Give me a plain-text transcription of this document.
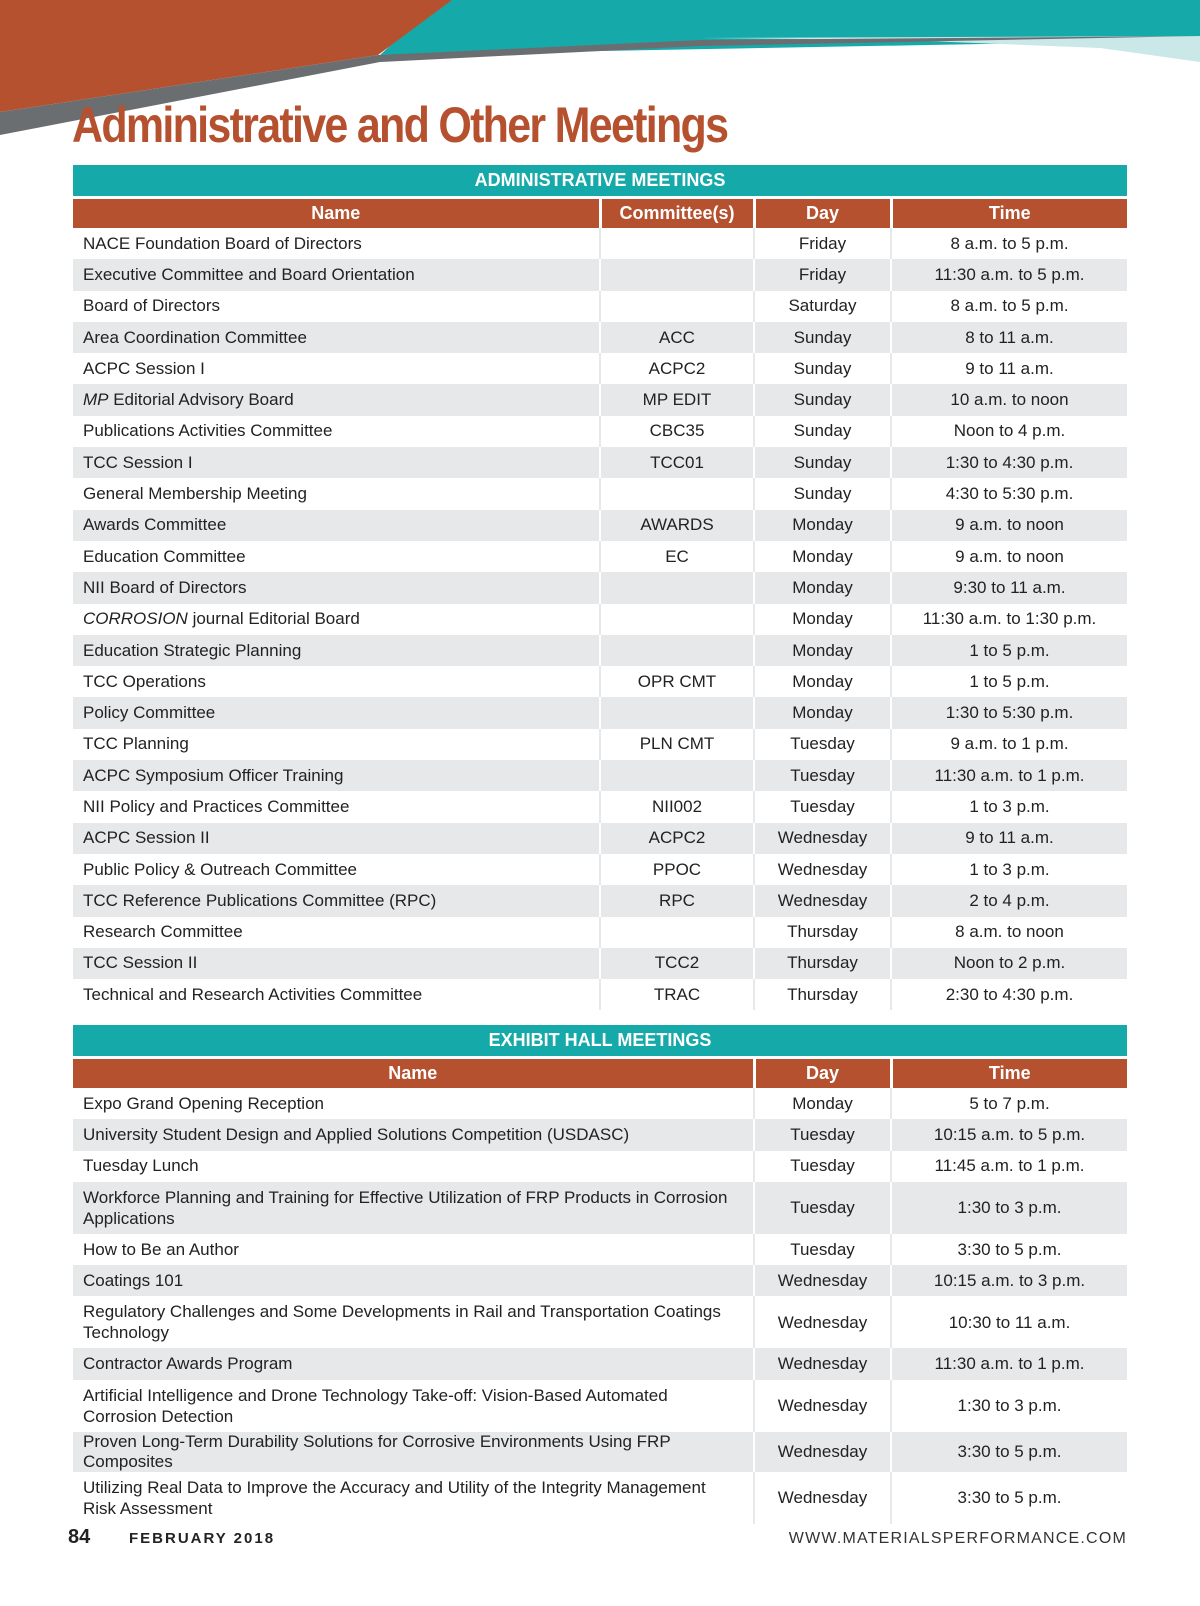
Administrative and Other Meetings
ADMINISTRATIVE MEETINGS			
Name	Committee(s)	Day	Time
NACE Foundation Board of Directors		Friday	8 a.m. to 5 p.m.
Executive Committee and Board Orientation		Friday	11:30 a.m. to 5 p.m.
Board of Directors		Saturday	8 a.m. to 5 p.m.
Area Coordination Committee	ACC	Sunday	8 to 11 a.m.
ACPC Session I	ACPC2	Sunday	9 to 11 a.m.
MP Editorial Advisory Board	MP EDIT	Sunday	10 a.m. to noon
Publications Activities Committee	CBC35	Sunday	Noon to 4 p.m.
TCC Session I	TCC01	Sunday	1:30 to 4:30 p.m.
General Membership Meeting		Sunday	4:30 to 5:30 p.m.
Awards Committee	AWARDS	Monday	9 a.m. to noon
Education Committee	EC	Monday	9 a.m. to noon
NII Board of Directors		Monday	9:30 to 11 a.m.
CORROSION journal Editorial Board		Monday	11:30 a.m. to 1:30 p.m.
Education Strategic Planning		Monday	1 to 5 p.m.
TCC Operations	OPR CMT	Monday	1 to 5 p.m.
Policy Committee		Monday	1:30 to 5:30 p.m.
TCC Planning	PLN CMT	Tuesday	9 a.m. to 1 p.m.
ACPC Symposium Officer Training		Tuesday	11:30 a.m. to 1 p.m.
NII Policy and Practices Committee	NII002	Tuesday	1 to 3 p.m.
ACPC Session II	ACPC2	Wednesday	9 to 11 a.m.
Public Policy & Outreach Committee	PPOC	Wednesday	1 to 3 p.m.
TCC Reference Publications Committee (RPC)	RPC	Wednesday	2 to 4 p.m.
Research Committee		Thursday	8 a.m. to noon
TCC Session II	TCC2	Thursday	Noon to 2 p.m.
Technical and Research Activities Committee	TRAC	Thursday	2:30 to 4:30 p.m.
EXHIBIT HALL MEETINGS		
Name	Day	Time
Expo Grand Opening Reception	Monday	5 to 7 p.m.
University Student Design and Applied Solutions Competition (USDASC)	Tuesday	10:15 a.m. to 5 p.m.
Tuesday Lunch	Tuesday	11:45 a.m. to 1 p.m.
Workforce Planning and Training for Effective Utilization of FRP Products in Corrosion Applications	Tuesday	1:30 to 3 p.m.
How to Be an Author	Tuesday	3:30 to 5 p.m.
Coatings 101	Wednesday	10:15 a.m. to 3 p.m.
Regulatory Challenges and Some Developments in Rail and Transportation Coatings Technology	Wednesday	10:30 to 11 a.m.
Contractor Awards Program	Wednesday	11:30 a.m. to 1 p.m.
Artificial Intelligence and Drone Technology Take-off: Vision-Based Automated Corrosion Detection	Wednesday	1:30 to 3 p.m.
Proven Long-Term Durability Solutions for Corrosive Environments Using FRP Composites	Wednesday	3:30 to 5 p.m.
Utilizing Real Data to Improve the Accuracy and Utility of the Integrity Management Risk Assessment	Wednesday	3:30 to 5 p.m.
84	FEBRUARY 2018	WWW.MATERIALSPERFORMANCE.COM
